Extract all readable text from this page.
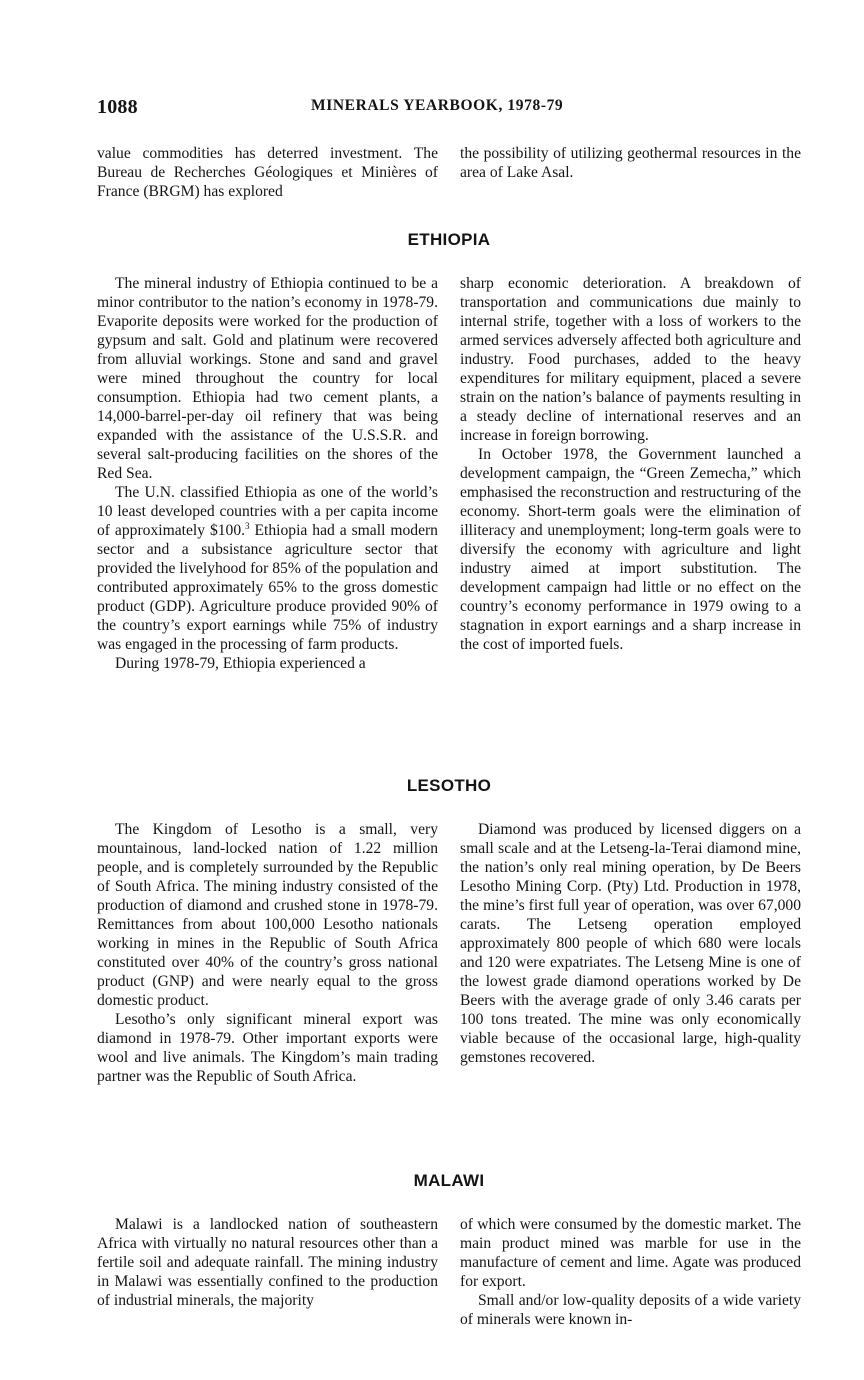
1088	MINERALS YEARBOOK, 1978-79

value commodities has deterred investment. The Bureau de Recherches Géologiques et Minières of France (BRGM) has explored

the possibility of utilizing geothermal resources in the area of Lake Asal.

ETHIOPIA

The mineral industry of Ethiopia continued to be a minor contributor to the nation’s economy in 1978-79. Evaporite deposits were worked for the production of gypsum and salt. Gold and platinum were recovered from alluvial workings. Stone and sand and gravel were mined throughout the country for local consumption. Ethiopia had two cement plants, a 14,000-barrel-per-day oil refinery that was being expanded with the assistance of the U.S.S.R. and several salt-producing facilities on the shores of the Red Sea.

The U.N. classified Ethiopia as one of the world’s 10 least developed countries with a per capita income of approximately $100.$^3$ Ethiopia had a small modern sector and a subsistance agriculture sector that provided the livelyhood for 85% of the population and contributed approximately 65% to the gross domestic product (GDP). Agriculture produce provided 90% of the country’s export earnings while 75% of industry was engaged in the processing of farm products.

During 1978-79, Ethiopia experienced a

sharp economic deterioration. A breakdown of transportation and communications due mainly to internal strife, together with a loss of workers to the armed services adversely affected both agriculture and industry. Food purchases, added to the heavy expenditures for military equipment, placed a severe strain on the nation’s balance of payments resulting in a steady decline of international reserves and an increase in foreign borrowing.

In October 1978, the Government launched a development campaign, the “Green Zemecha,” which emphasised the reconstruction and restructuring of the economy. Short-term goals were the elimination of illiteracy and unemployment; long-term goals were to diversify the economy with agriculture and light industry aimed at import substitution. The development campaign had little or no effect on the country’s economy performance in 1979 owing to a stagnation in export earnings and a sharp increase in the cost of imported fuels.

LESOTHO

The Kingdom of Lesotho is a small, very mountainous, land-locked nation of 1.22 million people, and is completely surrounded by the Republic of South Africa. The mining industry consisted of the production of diamond and crushed stone in 1978-79. Remittances from about 100,000 Lesotho nationals working in mines in the Republic of South Africa constituted over 40% of the country’s gross national product (GNP) and were nearly equal to the gross domestic product.

Lesotho’s only significant mineral export was diamond in 1978-79. Other important exports were wool and live animals. The Kingdom’s main trading partner was the Republic of South Africa.

Diamond was produced by licensed diggers on a small scale and at the Letseng-la-Terai diamond mine, the nation’s only real mining operation, by De Beers Lesotho Mining Corp. (Pty) Ltd. Production in 1978, the mine’s first full year of operation, was over 67,000 carats. The Letseng operation employed approximately 800 people of which 680 were locals and 120 were expatriates. The Letseng Mine is one of the lowest grade diamond operations worked by De Beers with the average grade of only 3.46 carats per 100 tons treated. The mine was only economically viable because of the occasional large, high-quality gemstones recovered.

MALAWI

Malawi is a landlocked nation of southeastern Africa with virtually no natural resources other than a fertile soil and adequate rainfall. The mining industry in Malawi was essentially confined to the production of industrial minerals, the majority

of which were consumed by the domestic market. The main product mined was marble for use in the manufacture of cement and lime. Agate was produced for export.

Small and/or low-quality deposits of a wide variety of minerals were known in-
